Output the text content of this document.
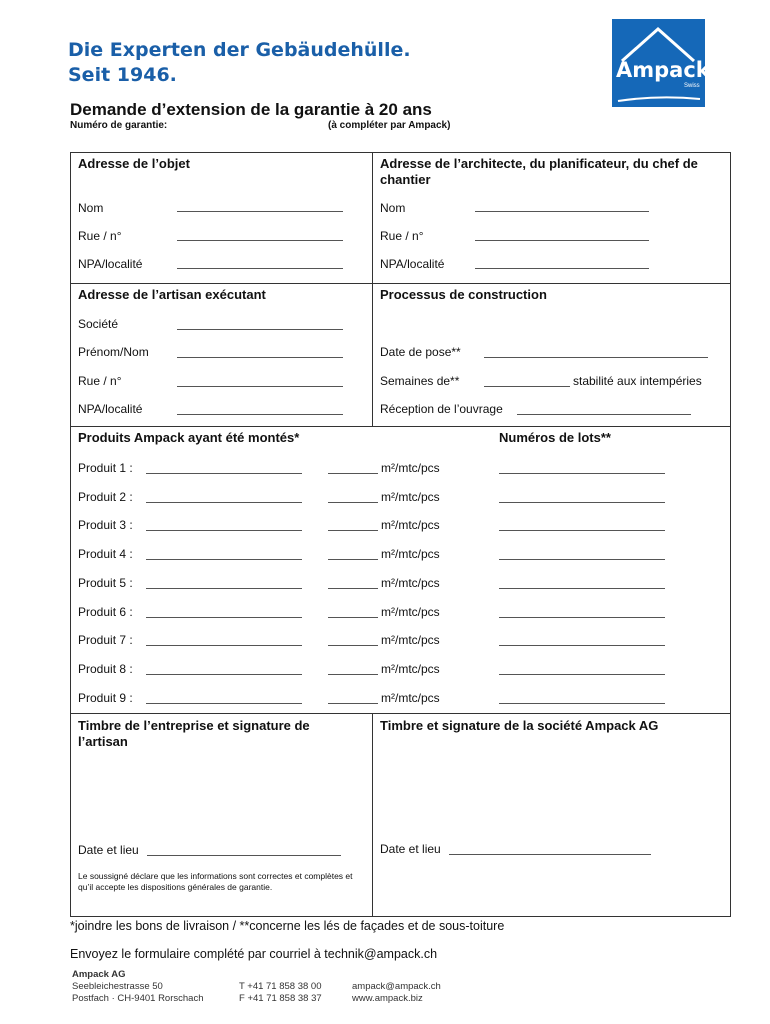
Die Experten der Gebäudehülle.
Seit 1946.	Ampack
Swiss
Demande d’extension de la garantie à 20 ans
Numéro de garantie:	(à compléter par Ampack)
Adresse de l’objet
Nom
Rue / n°
NPA/localité
Adresse de l’architecte, du planificateur, du chef de chantier
Nom
Rue / n°
NPA/localité
Adresse de l’artisan exécutant
Société
Prénom/Nom
Rue / n°
NPA/localité
Processus de construction
Date de pose**
Semaines de**	stabilité aux intempéries
Réception de l’ouvrage
Produits Ampack ayant été montés*	Numéros de lots**
Produit 1 :	m²/mtc/pcs
Produit 2 :	m²/mtc/pcs
Produit 3 :	m²/mtc/pcs
Produit 4 :	m²/mtc/pcs
Produit 5 :	m²/mtc/pcs
Produit 6 :	m²/mtc/pcs
Produit 7 :	m²/mtc/pcs
Produit 8 :	m²/mtc/pcs
Produit 9 :	m²/mtc/pcs
Timbre de l’entreprise et signature de l’artisan
Date et lieu
Le soussigné déclare que les informations sont correctes et complètes et qu’il accepte les dispositions générales de garantie.
Timbre et signature de la société Ampack AG
Date et lieu
*joindre les bons de livraison / **concerne les lés de façades et de sous-toiture
Envoyez le formulaire complété par courriel à technik@ampack.ch
Ampack AG
Seebleichestrasse 50
Postfach · CH-9401 Rorschach
T +41 71 858 38 00
F +41 71 858 38 37
ampack@ampack.ch
www.ampack.biz
